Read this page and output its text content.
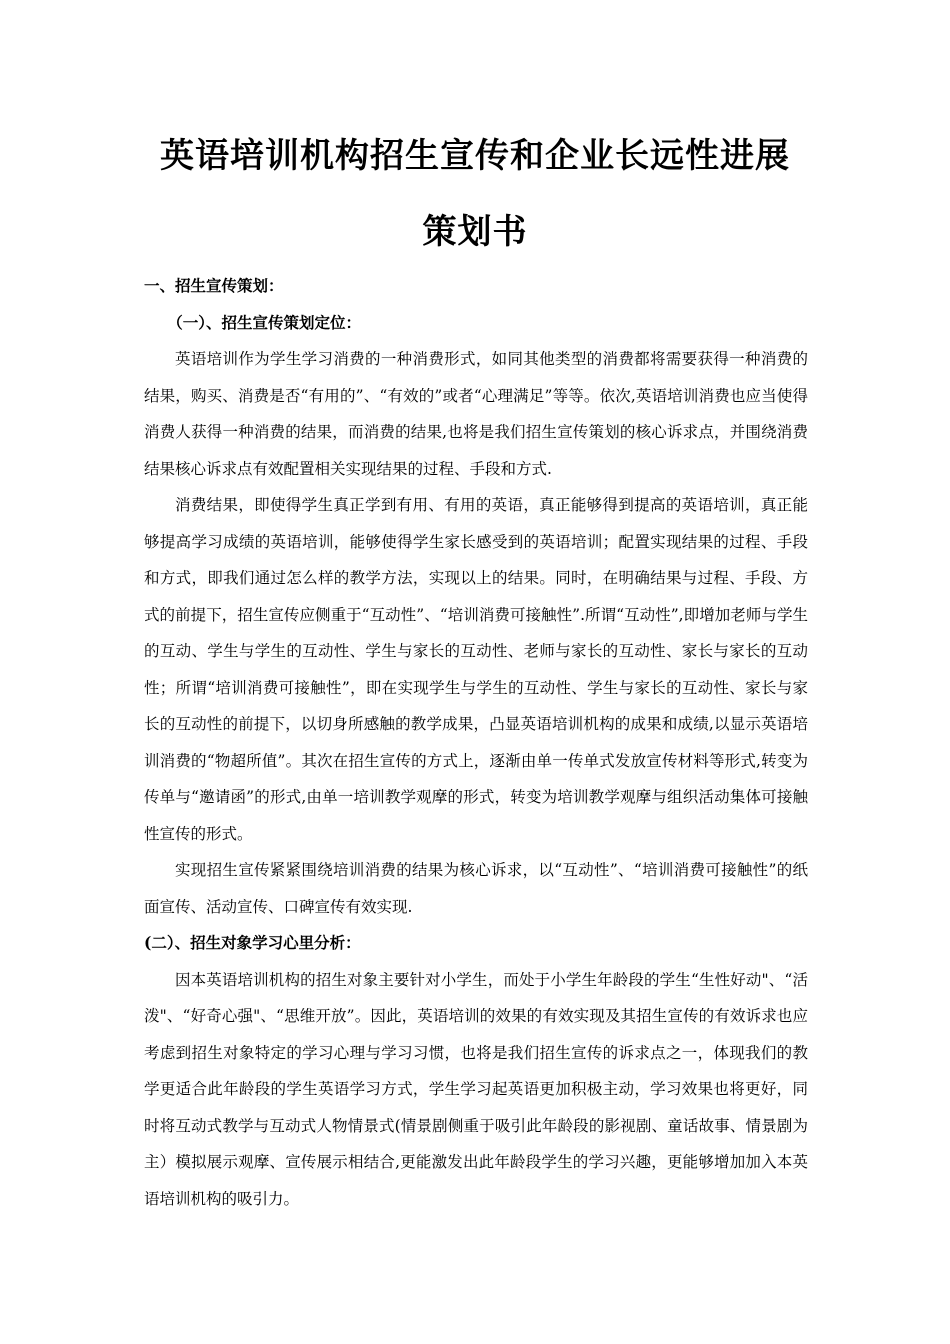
英语培训机构招生宣传和企业长远性进展
策划书

一、招生宣传策划：

（一）、招生宣传策划定位：

英语培训作为学生学习消费的一种消费形式，如同其他类型的消费都将需要获得一种消费的结果，购买、消费是否“有用的”、“有效的”或者“心理满足”等等。依次,英语培训消费也应当使得消费人获得一种消费的结果，而消费的结果,也将是我们招生宣传策划的核心诉求点，并围绕消费结果核心诉求点有效配置相关实现结果的过程、手段和方式.

消费结果，即使得学生真正学到有用、有用的英语，真正能够得到提高的英语培训，真正能够提高学习成绩的英语培训，能够使得学生家长感受到的英语培训；配置实现结果的过程、手段和方式，即我们通过怎么样的教学方法，实现以上的结果。同时，在明确结果与过程、手段、方式的前提下，招生宣传应侧重于“互动性”、“培训消费可接触性”.所谓“互动性”,即增加老师与学生的互动、学生与学生的互动性、学生与家长的互动性、老师与家长的互动性、家长与家长的互动性；所谓“培训消费可接触性”，即在实现学生与学生的互动性、学生与家长的互动性、家长与家长的互动性的前提下，以切身所感触的教学成果，凸显英语培训机构的成果和成绩,以显示英语培训消费的“物超所值”。其次在招生宣传的方式上，逐渐由单一传单式发放宣传材料等形式,转变为传单与“邀请函”的形式,由单一培训教学观摩的形式，转变为培训教学观摩与组织活动集体可接触性宣传的形式。

实现招生宣传紧紧围绕培训消费的结果为核心诉求，以“互动性”、“培训消费可接触性”的纸面宣传、活动宣传、口碑宣传有效实现.

(二）、招生对象学习心里分析：

因本英语培训机构的招生对象主要针对小学生，而处于小学生年龄段的学生“生性好动"、“活泼"、“好奇心强"、“思维开放”。因此，英语培训的效果的有效实现及其招生宣传的有效诉求也应考虑到招生对象特定的学习心理与学习习惯，也将是我们招生宣传的诉求点之一，体现我们的教学更适合此年龄段的学生英语学习方式，学生学习起英语更加积极主动，学习效果也将更好，同时将互动式教学与互动式人物情景式(情景剧侧重于吸引此年龄段的影视剧、童话故事、情景剧为主）模拟展示观摩、宣传展示相结合,更能激发出此年龄段学生的学习兴趣，更能够增加加入本英语培训机构的吸引力。
